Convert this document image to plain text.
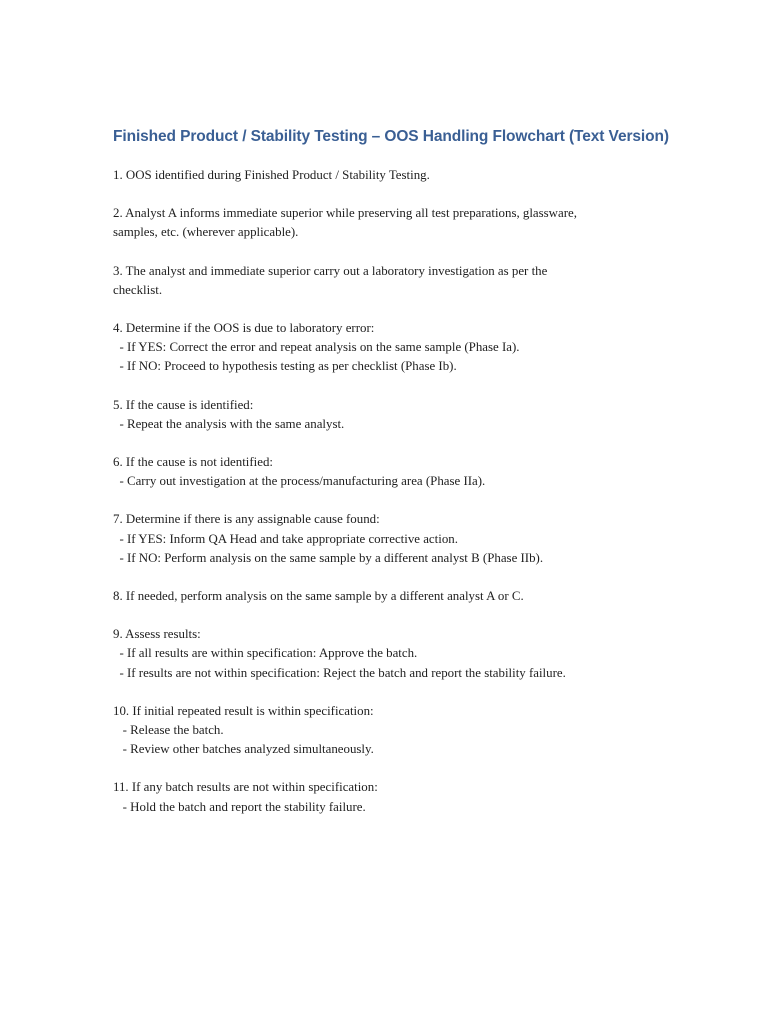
Finished Product / Stability Testing – OOS Handling Flowchart (Text Version)

1. OOS identified during Finished Product / Stability Testing.

2. Analyst A informs immediate superior while preserving all test preparations, glassware,

samples, etc. (wherever applicable).

3. The analyst and immediate superior carry out a laboratory investigation as per the

checklist.

4. Determine if the OOS is due to laboratory error:

- If YES: Correct the error and repeat analysis on the same sample (Phase Ia).

- If NO: Proceed to hypothesis testing as per checklist (Phase Ib).

5. If the cause is identified:

- Repeat the analysis with the same analyst.

6. If the cause is not identified:

- Carry out investigation at the process/manufacturing area (Phase IIa).

7. Determine if there is any assignable cause found:

- If YES: Inform QA Head and take appropriate corrective action.

- If NO: Perform analysis on the same sample by a different analyst B (Phase IIb).

8. If needed, perform analysis on the same sample by a different analyst A or C.

9. Assess results:

- If all results are within specification: Approve the batch.

- If results are not within specification: Reject the batch and report the stability failure.

10. If initial repeated result is within specification:

- Release the batch.

- Review other batches analyzed simultaneously.

11. If any batch results are not within specification:

- Hold the batch and report the stability failure.
